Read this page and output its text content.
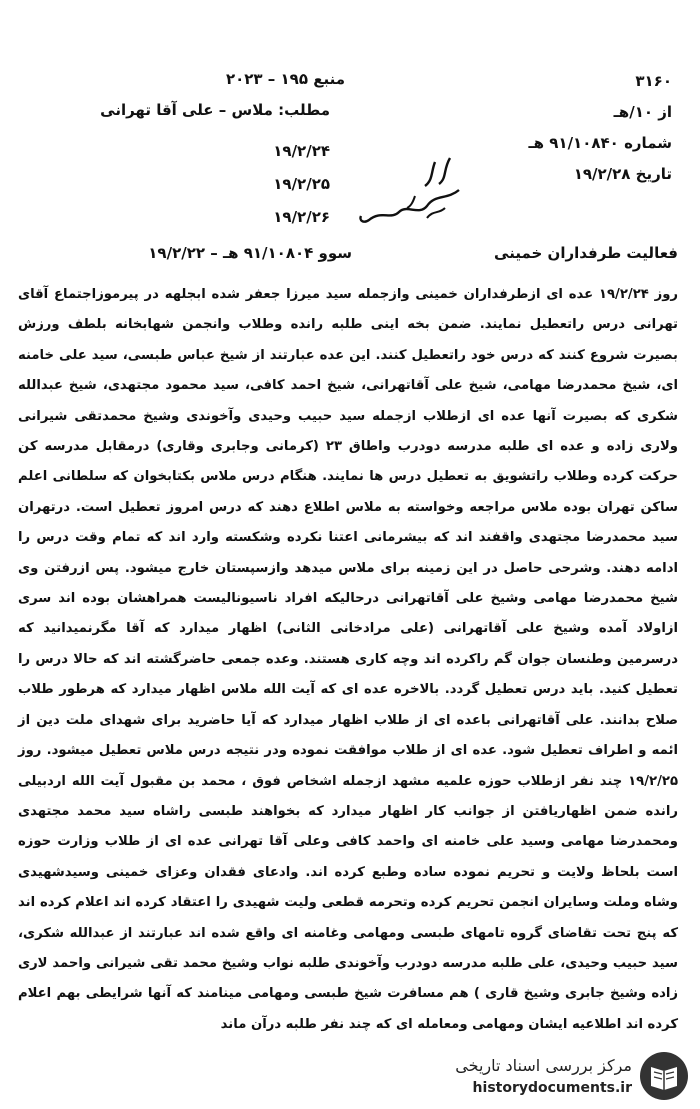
۳۱۶۰
از ۱۰/هـ
شماره ۹۱/۱۰۸۴۰ هـ
تاریخ ۱۹/۲/۲۸
منبع ۱۹۵ – ۲۰۲۳
مطلب: ملاس – علی آقا تهرانی
۱۹/۲/۲۴
۱۹/۲/۲۵
۱۹/۲/۲۶
فعالیت طرفداران خمینی
سوو ۹۱/۱۰۸۰۴ هـ – ۱۹/۲/۲۲

روز ۱۹/۲/۲۴ عده ای ازطرفداران خمینی وازجمله سید میرزا جعفر شده ابجلهه در پیرموزاجتماع آقای تهرانی درس راتعطیل نمایند. ضمن بخه اینی طلبه رانده وطلاب وانجمن شهابخانه بلطف ورزش بصیرت شروع کنند که درس خود راتعطیل کنند. این عده عبارتند از شیخ عباس طبسی، سید علی خامنه ای، شیخ محمدرضا مهامی، شیخ علی آقاتهرانی، شیخ احمد کافی، سید محمود مجتهدی، شیخ عبدالله شکری که بصیرت آنها عده ای ازطلاب ازجمله سید حبیب وحیدی وآخوندی وشیخ محمدتقی شیرانی ولاری زاده و عده ای طلبه مدرسه دودرب واطاق ۲۳ (کرمانی وجابری وقاری) درمقابل مدرسه کن حرکت کرده وطلاب راتشویق به تعطیل درس ها نمایند. هنگام درس ملاس بکتابخوان که سلطانی اعلم ساکن تهران بوده ملاس مراجعه وخواسته به ملاس اطلاع دهند که درس امروز تعطیل است. درتهران سید محمدرضا مجتهدی واقفند اند که بیشرمانی اعتنا نکرده وشکسته وارد اند که تمام وقت درس را ادامه دهند. وشرحی حاصل در این زمینه برای ملاس میدهد وازسپستان خارج میشود. پس ازرفتن وی شیخ محمدرضا مهامی وشیخ علی آقاتهرانی درحالیکه افراد ناسیونالیست همراهشان بوده اند سری ازاولاد آمده وشیخ علی آقاتهرانی (علی مرادخانی الثانی) اظهار میدارد که آقا مگرنمیدانید که درسرمین وطنسان جوان گم راکرده اند وچه کاری هستند. وعده جمعی حاضرگشته اند که حالا درس را تعطیل کنید. باید درس تعطیل گردد. بالاخره عده ای که آیت الله ملاس اظهار میدارد که هرطور طلاب صلاح بدانند. علی آقاتهرانی باعده ای از طلاب اظهار میدارد که آیا حاضرید برای شهدای ملت دین از ائمه و اطراف تعطیل شود. عده ای از طلاب موافقت نموده ودر نتیجه درس ملاس تعطیل میشود. روز ۱۹/۲/۲۵ چند نفر ازطلاب حوزه علمیه مشهد ازجمله اشخاص فوق ، محمد بن مقبول آیت الله اردبیلی رانده ضمن اظهاریافتن از جوانب کار اظهار میدارد که بخواهند طبسی راشاه سید محمد مجتهدی ومحمدرضا مهامی وسید علی خامنه ای واحمد کافی وعلی آقا تهرانی عده ای از طلاب وزارت حوزه است بلحاظ ولایت و تحریم نموده ساده وطبع کرده اند. وادعای فقدان وعزای خمینی وسیدشهیدی وشاه وملت وسایران انجمن تحریم کرده وتحرمه قطعی ولیت شهیدی را اعتقاد کرده اند اعلام کرده اند که پنج تحت تقاضای گروه تامهای طبسی ومهامی وغامنه ای واقع شده اند عبارتند از عبدالله شکری، سید حبیب وحیدی، علی طلبه مدرسه دودرب وآخوندی طلبه نواب وشیخ محمد تقی شیرانی واحمد لاری زاده وشیخ جابری وشیخ قاری ) هم مسافرت شیخ طبسی ومهامی مینامند که آنها شرایطی بهم اعلام کرده اند اطلاعیه ایشان ومهامی ومعامله ای که چند نفر طلبه درآن ماند

مرکز بررسی اسناد تاریخی
historydocuments.ir
